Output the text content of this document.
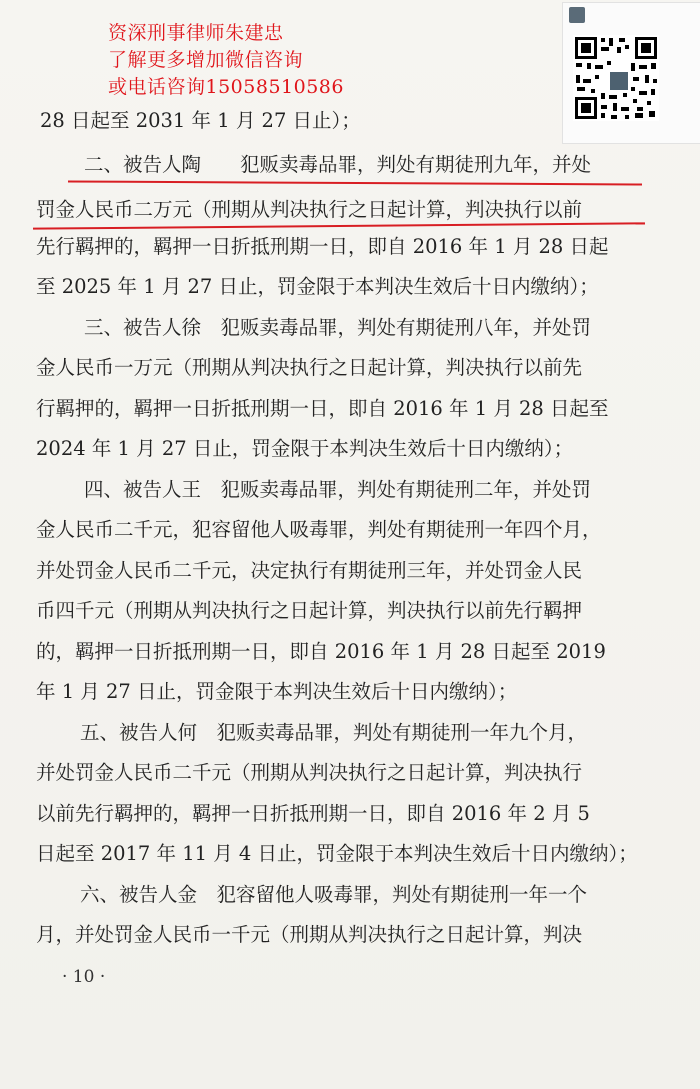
资深刑事律师朱建忠
了解更多增加微信咨询
或电话咨询15058510586
28 日起至 2031 年 1 月 27 日止）；
二、被告人陶　　犯贩卖毒品罪，判处有期徒刑九年，并处
罚金人民币二万元（刑期从判决执行之日起计算，判决执行以前
先行羁押的，羁押一日折抵刑期一日，即自 2016 年 1 月 28 日起
至 2025 年 1 月 27 日止，罚金限于本判决生效后十日内缴纳）；
三、被告人徐　犯贩卖毒品罪，判处有期徒刑八年，并处罚
金人民币一万元（刑期从判决执行之日起计算，判决执行以前先
行羁押的，羁押一日折抵刑期一日，即自 2016 年 1 月 28 日起至
2024 年 1 月 27 日止，罚金限于本判决生效后十日内缴纳）；
四、被告人王　犯贩卖毒品罪，判处有期徒刑二年，并处罚
金人民币二千元，犯容留他人吸毒罪，判处有期徒刑一年四个月，
并处罚金人民币二千元，决定执行有期徒刑三年，并处罚金人民
币四千元（刑期从判决执行之日起计算，判决执行以前先行羁押
的，羁押一日折抵刑期一日，即自 2016 年 1 月 28 日起至 2019
年 1 月 27 日止，罚金限于本判决生效后十日内缴纳）；
五、被告人何　犯贩卖毒品罪，判处有期徒刑一年九个月，
并处罚金人民币二千元（刑期从判决执行之日起计算，判决执行
以前先行羁押的，羁押一日折抵刑期一日，即自 2016 年 2 月 5
日起至 2017 年 11 月 4 日止，罚金限于本判决生效后十日内缴纳）；
六、被告人金　犯容留他人吸毒罪，判处有期徒刑一年一个
月，并处罚金人民币一千元（刑期从判决执行之日起计算，判决
· 10 ·
